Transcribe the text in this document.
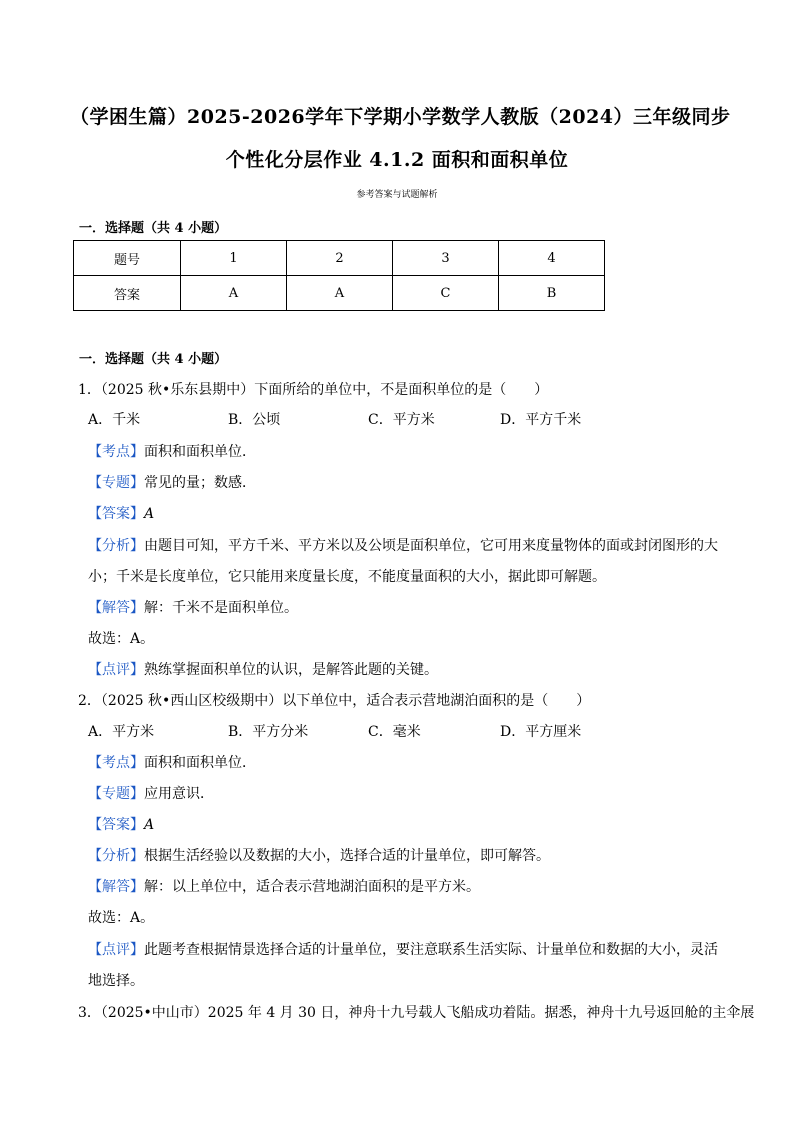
（学困生篇）2025-2026学年下学期小学数学人教版（2024）三年级同步
个性化分层作业 4.1.2 面积和面积单位
参考答案与试题解析
一．选择题（共 4 小题）
题号	1	2	3	4
答案	A	A	C	B
一．选择题（共 4 小题）
1．（2025 秋•乐东县期中）下面所给的单位中，不是面积单位的是（　　）
A．千米	B．公顷	C．平方米	D．平方千米
【考点】面积和面积单位．
【专题】常见的量；数感．
【答案】A
【分析】由题目可知，平方千米、平方米以及公顷是面积单位，它可用来度量物体的面或封闭图形的大
小；千米是长度单位，它只能用来度量长度，不能度量面积的大小，据此即可解题。
【解答】解：千米不是面积单位。
故选：A。
【点评】熟练掌握面积单位的认识，是解答此题的关键。
2．（2025 秋•西山区校级期中）以下单位中，适合表示营地湖泊面积的是（　　）
A．平方米	B．平方分米	C．毫米	D．平方厘米
【考点】面积和面积单位．
【专题】应用意识．
【答案】A
【分析】根据生活经验以及数据的大小，选择合适的计量单位，即可解答。
【解答】解：以上单位中，适合表示营地湖泊面积的是平方米。
故选：A。
【点评】此题考查根据情景选择合适的计量单位，要注意联系生活实际、计量单位和数据的大小，灵活
地选择。
3．（2025•中山市）2025 年 4 月 30 日，神舟十九号载人飞船成功着陆。据悉，神舟十九号返回舱的主伞展
